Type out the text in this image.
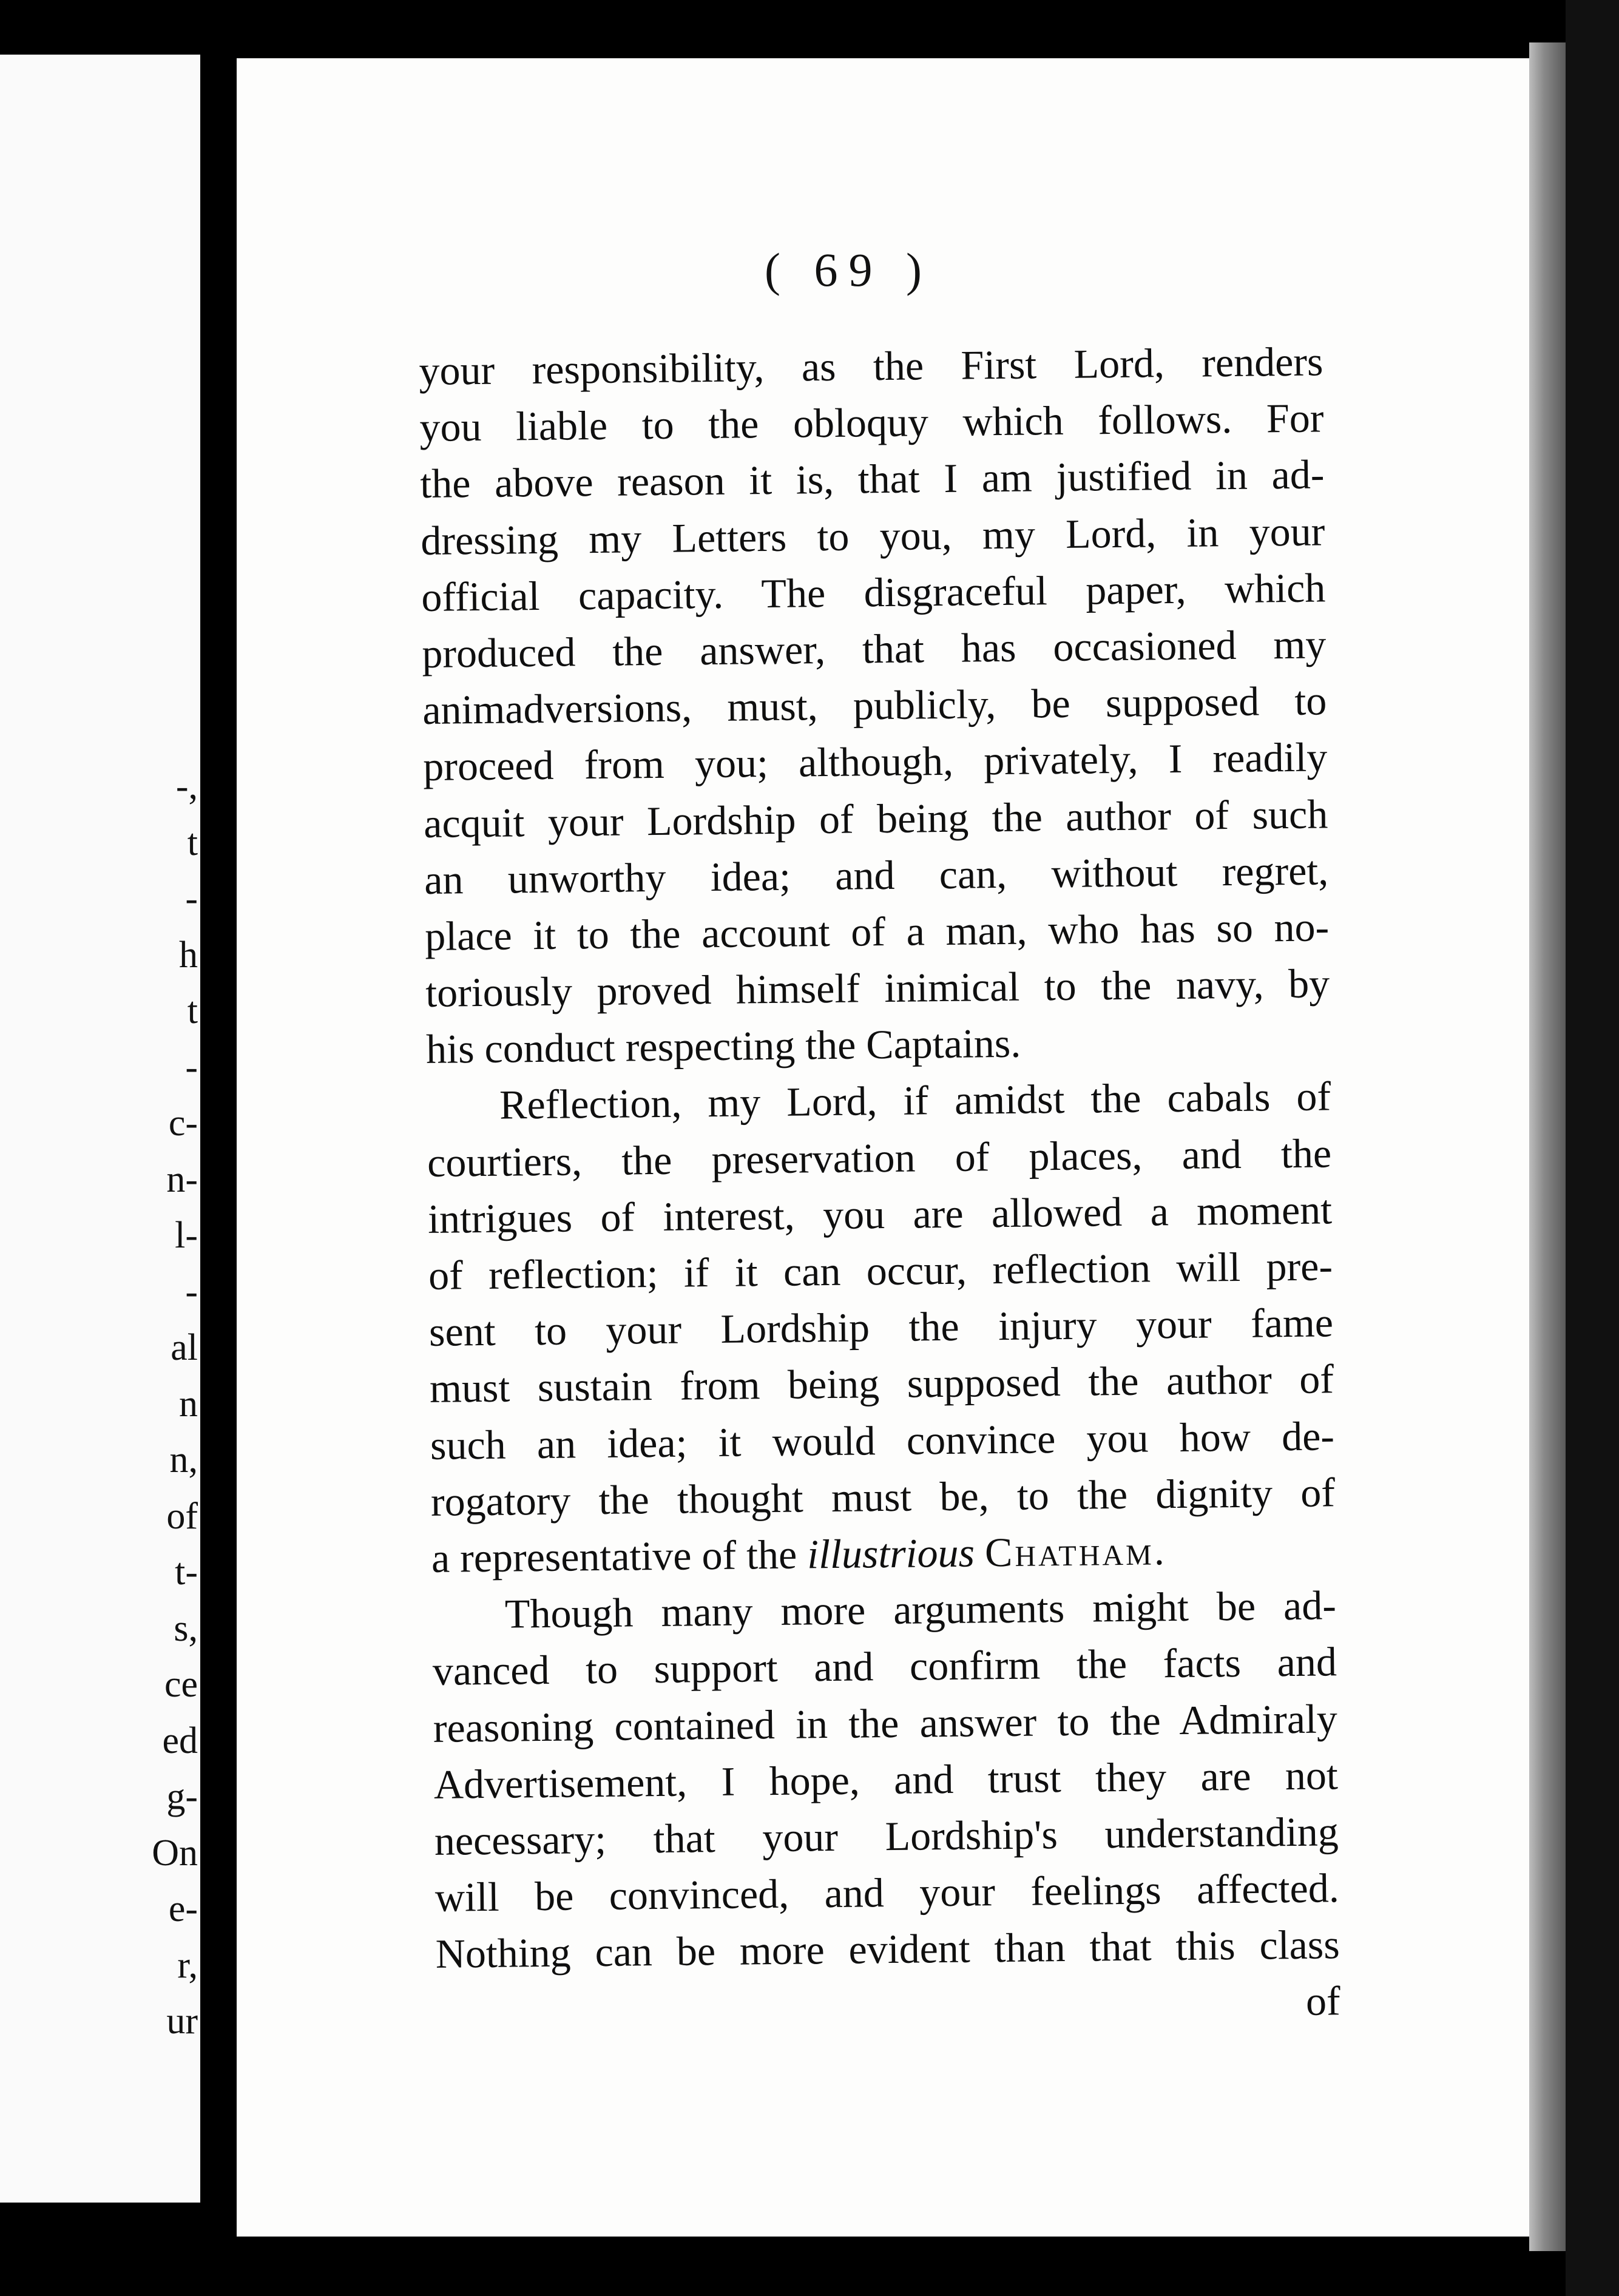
-,
t
-
h
t
-
c-
n-
l-
-
al
n
n,
of
t-
s,
ce
ed
g-
On
e-
r,
ur
( 69 )
your responsibility, as the First Lord, renders
you liable to the obloquy which follows. For
the above reason it is, that I am justified in ad-
dressing my Letters to you, my Lord, in your
official capacity. The disgraceful paper, which
produced the answer, that has occasioned my
animadversions, must, publicly, be supposed to
proceed from you; although, privately, I readily
acquit your Lordship of being the author of such
an unworthy idea; and can, without regret,
place it to the account of a man, who has so no-
toriously proved himself inimical to the navy, by
his conduct respecting the Captains.
Reflection, my Lord, if amidst the cabals of
courtiers, the preservation of places, and the
intrigues of interest, you are allowed a moment
of reflection; if it can occur, reflection will pre-
sent to your Lordship the injury your fame
must sustain from being supposed the author of
such an idea; it would convince you how de-
rogatory the thought must be, to the dignity of
a representative of the illustrious Chatham.
Though many more arguments might be ad-
vanced to support and confirm the facts and
reasoning contained in the answer to the Admiraly
Advertisement, I hope, and trust they are not
necessary; that your Lordship's understanding
will be convinced, and your feelings affected.
Nothing can be more evident than that this class
of
